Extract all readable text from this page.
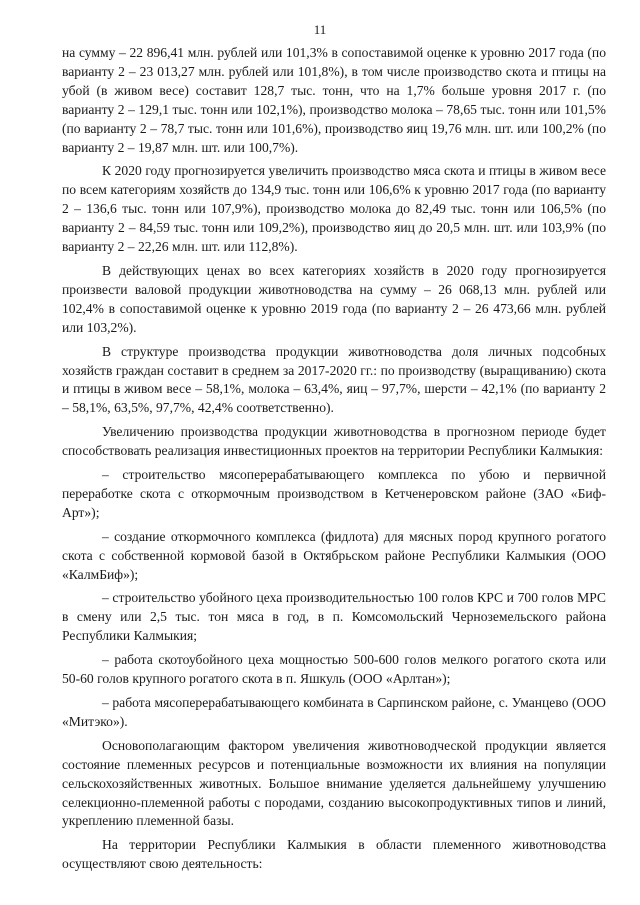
11

на сумму – 22 896,41 млн. рублей или 101,3% в сопоставимой оценке к уровню 2017 года (по варианту 2 – 23 013,27 млн. рублей или 101,8%), в том числе производство скота и птицы на убой (в живом весе) составит 128,7 тыс. тонн, что на 1,7% больше уровня 2017 г. (по варианту 2 – 129,1 тыс. тонн или 102,1%), производство молока – 78,65 тыс. тонн или 101,5% (по варианту 2 – 78,7 тыс. тонн или 101,6%), производство яиц 19,76 млн. шт. или 100,2% (по варианту 2 – 19,87 млн. шт. или 100,7%).

К 2020 году прогнозируется увеличить производство мяса скота и птицы в живом весе по всем категориям хозяйств до 134,9 тыс. тонн или 106,6% к уровню 2017 года (по варианту 2 – 136,6 тыс. тонн или 107,9%), производство молока до 82,49 тыс. тонн или 106,5% (по варианту 2 – 84,59 тыс. тонн или 109,2%), производство яиц до 20,5 млн. шт. или 103,9% (по варианту 2 – 22,26 млн. шт. или 112,8%).

В действующих ценах во всех категориях хозяйств в 2020 году прогнозируется произвести валовой продукции животноводства на сумму – 26 068,13 млн. рублей или 102,4% в сопоставимой оценке к уровню 2019 года (по варианту 2 – 26 473,66 млн. рублей или 103,2%).

В структуре производства продукции животноводства доля личных подсобных хозяйств граждан составит в среднем за 2017-2020 гг.: по производству (выращиванию) скота и птицы в живом весе – 58,1%, молока – 63,4%, яиц – 97,7%, шерсти – 42,1% (по варианту 2 – 58,1%, 63,5%, 97,7%, 42,4% соответственно).

Увеличению производства продукции животноводства в прогнозном периоде будет способствовать реализация инвестиционных проектов на территории Республики Калмыкия:

– строительство мясоперерабатывающего комплекса по убою и первичной переработке скота с откормочным производством в Кетченеровском районе (ЗАО «Биф-Арт»);

– создание откормочного комплекса (фидлота) для мясных пород крупного рогатого скота с собственной кормовой базой в Октябрьском районе Республики Калмыкия (ООО «КалмБиф»);

– строительство убойного цеха производительностью 100 голов КРС и 700 голов МРС в смену или 2,5 тыс. тон мяса в год, в п. Комсомольский Черноземельского района Республики Калмыкия;

– работа скотоубойного цеха мощностью 500-600 голов мелкого рогатого скота или 50-60 голов крупного рогатого скота в п. Яшкуль (ООО «Арлтан»);

– работа мясоперерабатывающего комбината в Сарпинском районе, с. Уманцево (ООО «Митэко»).

Основополагающим фактором увеличения животноводческой продукции является состояние племенных ресурсов и потенциальные возможности их влияния на популяции сельскохозяйственных животных. Большое внимание уделяется дальнейшему улучшению селекционно-племенной работы с породами, созданию высокопродуктивных типов и линий, укреплению племенной базы.

На территории Республики Калмыкия в области племенного животноводства осуществляют свою деятельность:
